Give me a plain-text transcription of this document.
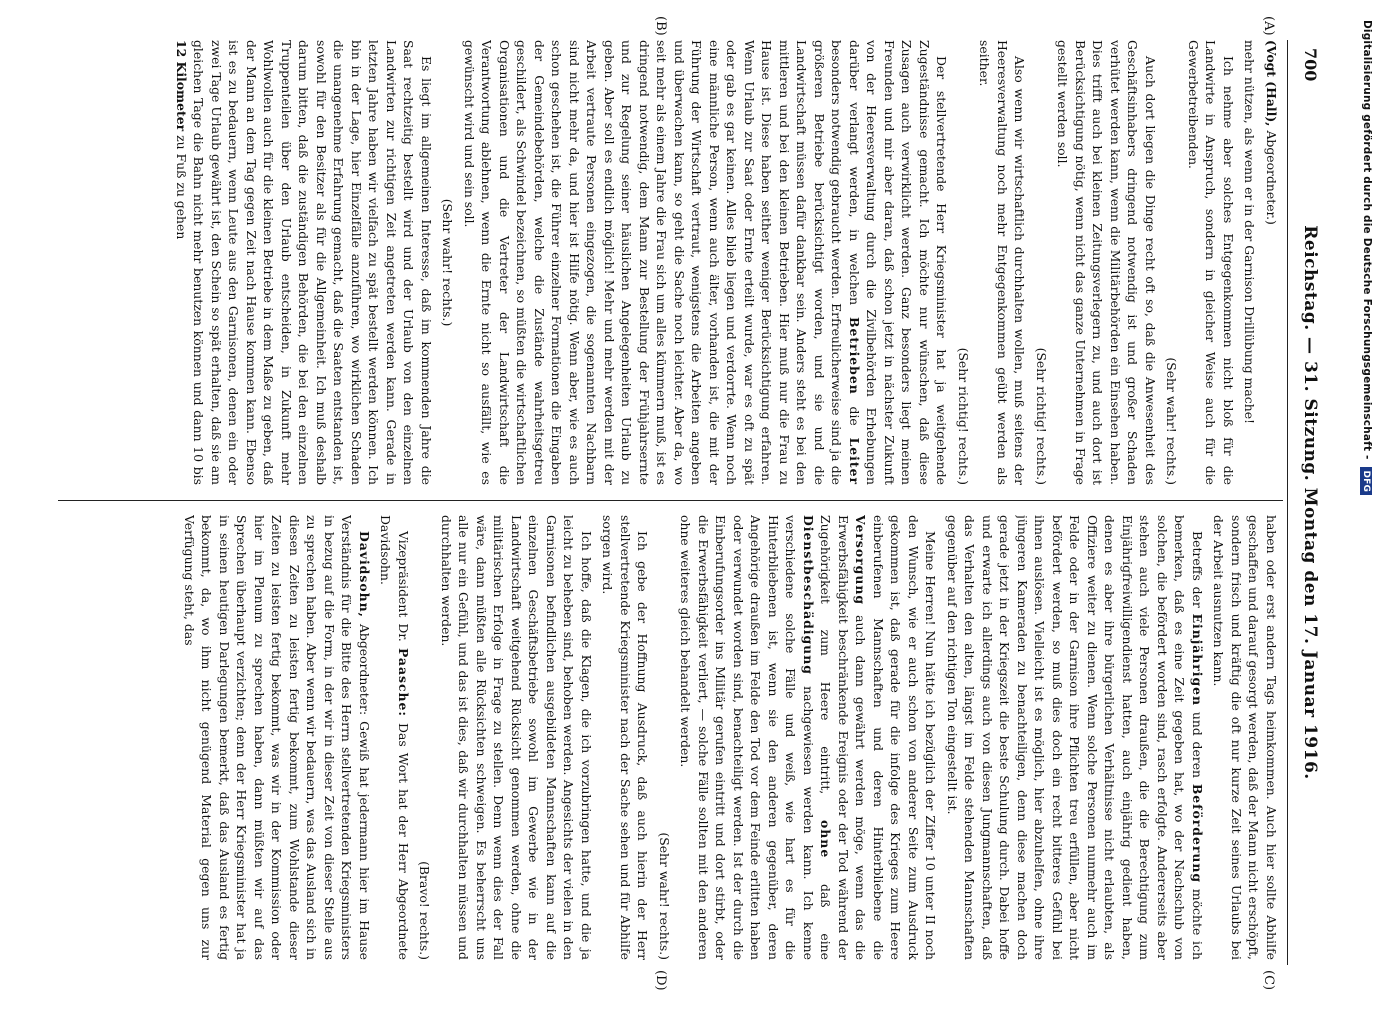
Digitalisierung gefördert durch die Deutsche Forschungsgemeinschaft - DFG
700
Reichstag. — 31. Sitzung. Montag den 17. Januar 1916.
(A)
(B)
(C)
(D)

(Vogt (Hall), Abgeordneter.)

mehr nützen, als wenn er in der Garnison Drillübung mache!

Ich nehme aber solches Entgegenkommen nicht bloß für die Landwirte in Anspruch, sondern in gleicher Weise auch für die Gewerbetreibenden.

(Sehr wahr! rechts.)

Auch dort liegen die Dinge recht oft so, daß die Anwesenheit des Geschäftsinhabers dringend notwendig ist und großer Schaden verhütet werden kann, wenn die Militärbehörden ein Einsehen haben. Dies trifft auch bei kleinen Zeitungsverlegern zu, und auch dort ist Berücksichtigung nötig, wenn nicht das ganze Unternehmen in Frage gestellt werden soll.

(Sehr richtig! rechts.)

Also wenn wir wirtschaftlich durchhalten wollen, muß seitens der Heeresverwaltung noch mehr Entgegenkommen geübt werden als seither.

(Sehr richtig! rechts.)

Der stellvertretende Herr Kriegsminister hat ja weitgehende Zugeständnisse gemacht. Ich möchte nur wünschen, daß diese Zusagen auch verwirklicht werden. Ganz besonders liegt meinen Freunden und mir aber daran, daß schon jetzt in nächster Zukunft von der Heeresverwaltung durch die Zivilbehörden Erhebungen darüber verlangt werden, in welchen Betrieben die Leiter besonders notwendig gebraucht werden. Erfreulicherweise sind ja die größeren Betriebe berücksichtigt worden, und sie und die Landwirtschaft müssen dafür dankbar sein. Anders steht es bei den mittleren und bei den kleinen Betrieben. Hier muß nur die Frau zu Hause ist. Diese haben seither weniger Berücksichtigung erfahren. Wenn Urlaub zur Saat oder Ernte erteilt wurde, war es oft zu spät oder gab es gar keinen. Alles blieb liegen und verdorrte. Wenn noch eine männliche Person, wenn auch älter, vorhanden ist, die mit der Führung der Wirtschaft vertraut, wenigstens die Arbeiten angeben und überwachen kann, so geht die Sache noch leichter. Aber da, wo seit mehr als einem Jahre die Frau sich um alles kümmern muß, ist es dringend notwendig, dem Mann zur Bestellung der Frühjahrsernte und zur Regelung seiner häuslichen Angelegenheiten Urlaub zu geben. Aber soll es endlich möglich! Mehr und mehr werden mit der Arbeit vertraute Personen eingezogen, die sogenannten Nachbarn sind nicht mehr da, und hier ist Hilfe nötig. Wenn aber, wie es auch schon geschehen ist, die Führer einzelner Formationen die Eingaben der Gemeindebehörden, welche die Zustände wahrheitsgetreu geschildert, als Schwindel bezeichnen, so müßten die wirtschaftlichen Organisationen und die Vertreter der Landwirtschaft die Verantwortung ablehnen, wenn die Ernte nicht so ausfällt, wie es gewünscht wird und sein soll.

(Sehr wahr! rechts.)

Es liegt im allgemeinen Interesse, daß im kommenden Jahre die Saat rechtzeitig bestellt wird und der Urlaub von den einzelnen Landwirten zur richtigen Zeit angetreten werden kann. Gerade in letzten Jahre haben wir vielfach zu spät bestellt werden können. Ich bin in der Lage, hier Einzelfälle anzuführen, wo wirklichen Schaden die unangenehme Erfahrung gemacht, daß die Saaten entstanden ist, sowohl für den Besitzer als für die Allgemeinheit. Ich muß deshalb darum bitten, daß die zuständigen Behörden, die bei den einzelnen Truppenteilen über den Urlaub entscheiden, in Zukunft mehr Wohlwollen auch für die kleinen Betriebe in dem Maße zu geben, daß der Mann an dem Tag gegen Zeit nach Hause kommen kann. Ebenso ist es zu bedauern, wenn Leute aus den Garnisonen, denen ein oder zwei Tage Urlaub gewährt ist, den Schein so spät erhalten, daß sie am gleichen Tage die Bahn nicht mehr benutzen können und dann 10 bis 12 Kilometer zu Fuß zu gehen

haben oder erst andern Tags heimkommen. Auch hier sollte Abhilfe geschaffen und darauf gesorgt werden, daß der Mann nicht erschöpft, sondern frisch und kräftig die oft nur kurze Zeit seines Urlaubs bei der Arbeit ausnutzen kann.

Betreffs der Einjährigen und deren Beförderung möchte ich bemerken, daß es eine Zeit gegeben hat, wo der Nachschub von solchen, die befördert worden sind, rasch erfolgte. Andererseits aber stehen auch viele Personen draußen, die die Berechtigung zum Einjährigfreiwilligendienst hatten, auch einjährig gedient haben, denen es aber ihre bürgerlichen Verhältnisse nicht erlaubten, als Offiziere weiter zu dienen. Wenn solche Personen nunmehr auch im Felde oder in der Garnison ihre Pflichten treu erfüllen, aber nicht befördert werden, so muß dies doch ein recht bitteres Gefühl bei ihnen auslösen. Vielleicht ist es möglich, hier abzuhelfen, ohne ihre jüngeren Kameraden zu benachteiligen, denn diese machen doch gerade jetzt in der Kriegszeit die beste Schulung durch. Dabei hoffe und erwarte ich allerdings auch von diesen Jungmannschaften, daß das Verhalten den alten, längst im Felde stehenden Mannschaften gegenüber auf den richtigen Ton eingestellt ist.

Meine Herren! Nun hätte ich bezüglich der Ziffer 10 unter II noch den Wunsch, wie er auch schon von anderer Seite zum Ausdruck gekommen ist, daß gerade für die infolge des Krieges zum Heere einberufenen Mannschaften und deren Hinterbliebene die Versorgung auch dann gewährt werden möge, wenn das die Erwerbsfähigkeit beschränkende Ereignis oder der Tod während der Zugehörigkeit zum Heere eintritt, ohne daß eine Dienstbeschädigung nachgewiesen werden kann. Ich kenne verschiedene solche Fälle und weiß, wie hart es für die Hinterbliebenen ist, wenn sie den anderen gegenüber, deren Angehörige draußen im Felde den Tod vor dem Feinde erlitten haben oder verwundet worden sind, benachteiligt werden. Ist der durch die Einberufungsorder ins Militär gerufen eintritt und dort stirbt, oder die Erwerbsfähigkeit verliert, — solche Fälle sollten mit den anderen ohne weiteres gleich behandelt werden.

(Sehr wahr! rechts.)

Ich gebe der Hoffnung Ausdruck, daß auch hierin der Herr stellvertretende Kriegsminister nach der Sache sehen und für Abhilfe sorgen wird.

Ich hoffe, daß die Klagen, die ich vorzubringen hatte, und die ja leicht zu beheben sind, behoben werden. Angesichts der vielen in den Garnisonen befindlichen ausgebildeten Mannschaften kann auf die einzelnen Geschäftsbetriebe sowohl im Gewerbe wie in der Landwirtschaft weitgehend Rücksicht genommen werden, ohne die militärischen Erfolge in Frage zu stellen. Denn wenn dies der Fall wäre, dann müßten alle Rücksichten schweigen. Es beherrscht uns alle nur ein Gefühl, und das ist dies, daß wir durchhalten müssen und durchhalten werden.

(Bravo! rechts.)

Vizepräsident Dr. Paasche: Das Wort hat der Herr Abgeordnete Davidsohn.

Davidsohn, Abgeordneter: Gewiß hat jedermann hier im Hause Verständnis für die Bitte des Herrn stellvertretenden Kriegsministers in bezug auf die Form, in der wir in dieser Zeit von dieser Stelle aus zu sprechen haben. Aber wenn wir bedauern, was das Ausland sich in diesen Zeiten zu leisten fertig bekommt, zum Wohlstande dieser Zeiten zu leisten fertig bekommt, was wir in der Kommission oder hier im Plenum zu sprechen haben, dann müßten wir auf das Sprechen überhaupt verzichten; denn der Herr Kriegsminister hat ja in seinen heutigen Darlegungen bemerkt, daß das Ausland es fertig bekommt, da, wo ihm nicht genügend Material gegen uns zur Verfügung steht, das
